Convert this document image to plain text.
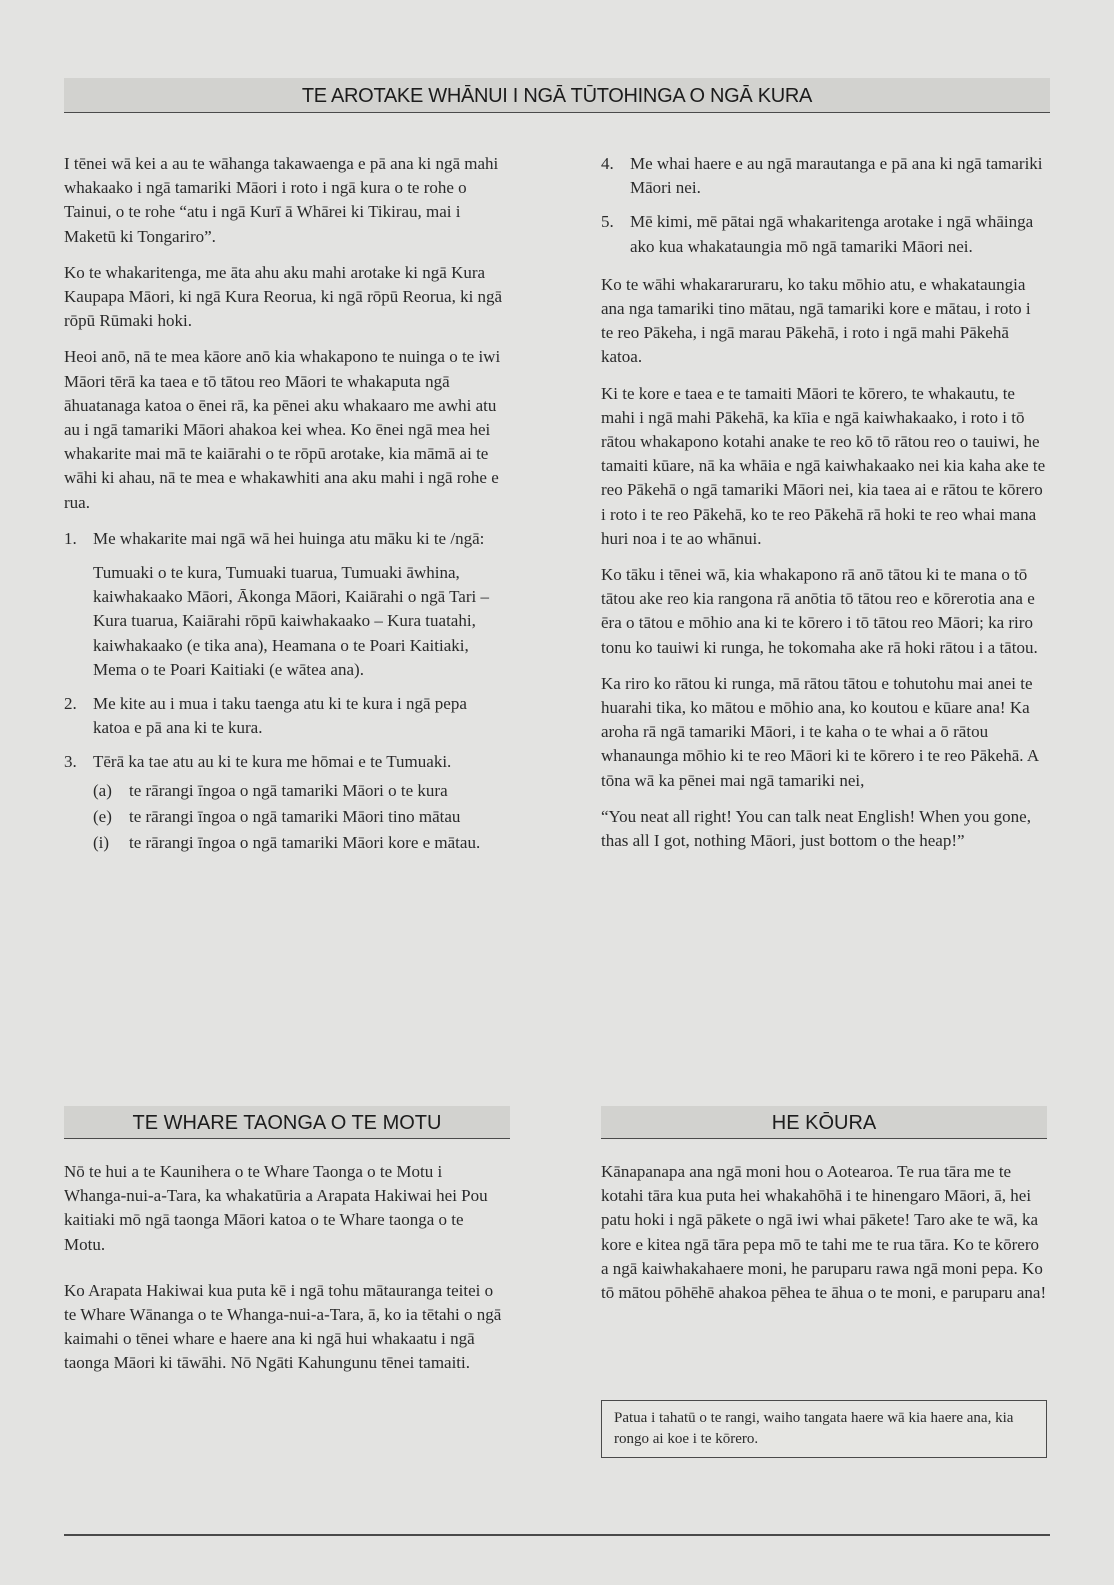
TE AROTAKE WHĀNUI I NGĀ TŪTOHINGA O NGĀ KURA

I tēnei wā kei a au te wāhanga takawaenga e pā ana ki ngā mahi whakaako i ngā tamariki Māori i roto i ngā kura o te rohe o Tainui, o te rohe “atu i ngā Kurī ā Whārei ki Tikirau, mai i Maketū ki Tongariro”.

Ko te whakaritenga, me āta ahu aku mahi arotake ki ngā Kura Kaupapa Māori, ki ngā Kura Reorua, ki ngā rōpū Reorua, ki ngā rōpū Rūmaki hoki.

Heoi anō, nā te mea kāore anō kia whakapono te nuinga o te iwi Māori tērā ka taea e tō tātou reo Māori te whakaputa ngā āhuatanaga katoa o ēnei rā, ka pēnei aku whakaaro me awhi atu au i ngā tamariki Māori ahakoa kei whea. Ko ēnei ngā mea hei whakarite mai mā te kaiārahi o te rōpū arotake, kia māmā ai te wāhi ki ahau, nā te mea e whakawhiti ana aku mahi i ngā rohe e rua.

1. Me whakarite mai ngā wā hei huinga atu māku ki te /ngā:
Tumuaki o te kura, Tumuaki tuarua, Tumuaki āwhina, kaiwhakaako Māori, Ākonga Māori, Kaiārahi o ngā Tari – Kura tuarua, Kaiārahi rōpū kaiwhakaako – Kura tuatahi, kaiwhakaako (e tika ana), Heamana o te Poari Kaitiaki, Mema o te Poari Kaitiaki (e wātea ana).
2. Me kite au i mua i taku taenga atu ki te kura i ngā pepa katoa e pā ana ki te kura.
3. Tērā ka tae atu au ki te kura me hōmai e te Tumuaki.
(a) te rārangi īngoa o ngā tamariki Māori o te kura
(e) te rārangi īngoa o ngā tamariki Māori tino mātau
(i) te rārangi īngoa o ngā tamariki Māori kore e mātau.
4. Me whai haere e au ngā marautanga e pā ana ki ngā tamariki Māori nei.
5. Mē kimi, mē pātai ngā whakaritenga arotake i ngā whāinga ako kua whakataungia mō ngā tamariki Māori nei.

Ko te wāhi whakararuraru, ko taku mōhio atu, e whakataungia ana nga tamariki tino mātau, ngā tamariki kore e mātau, i roto i te reo Pākeha, i ngā marau Pākehā, i roto i ngā mahi Pākehā katoa.

Ki te kore e taea e te tamaiti Māori te kōrero, te whakautu, te mahi i ngā mahi Pākehā, ka kīia e ngā kaiwhakaako, i roto i tō rātou whakapono kotahi anake te reo kō tō rātou reo o tauiwi, he tamaiti kūare, nā ka whāia e ngā kaiwhakaako nei kia kaha ake te reo Pākehā o ngā tamariki Māori nei, kia taea ai e rātou te kōrero i roto i te reo Pākehā, ko te reo Pākehā rā hoki te reo whai mana huri noa i te ao whānui.

Ko tāku i tēnei wā, kia whakapono rā anō tātou ki te mana o tō tātou ake reo kia rangona rā anōtia tō tātou reo e kōrerotia ana e ēra o tātou e mōhio ana ki te kōrero i tō tātou reo Māori; ka riro tonu ko tauiwi ki runga, he tokomaha ake rā hoki rātou i a tātou.

Ka riro ko rātou ki runga, mā rātou tātou e tohutohu mai anei te huarahi tika, ko mātou e mōhio ana, ko koutou e kūare ana! Ka aroha rā ngā tamariki Māori, i te kaha o te whai a ō rātou whanaunga mōhio ki te reo Māori ki te kōrero i te reo Pākehā. A tōna wā ka pēnei mai ngā tamariki nei,

“You neat all right! You can talk neat English! When you gone, thas all I got, nothing Māori, just bottom o the heap!”

TE WHARE TAONGA O TE MOTU

Nō te hui a te Kaunihera o te Whare Taonga o te Motu i Whanga-nui-a-Tara, ka whakatūria a Arapata Hakiwai hei Pou kaitiaki mō ngā taonga Māori katoa o te Whare taonga o te Motu.

Ko Arapata Hakiwai kua puta kē i ngā tohu mātauranga teitei o te Whare Wānanga o te Whanga-nui-a-Tara, ā, ko ia tētahi o ngā kaimahi o tēnei whare e haere ana ki ngā hui whakaatu i ngā taonga Māori ki tāwāhi. Nō Ngāti Kahungunu tēnei tamaiti.

HE KŌURA

Kānapanapa ana ngā moni hou o Aotearoa. Te rua tāra me te kotahi tāra kua puta hei whakahōhā i te hinengaro Māori, ā, hei patu hoki i ngā pākete o ngā iwi whai pākete! Taro ake te wā, ka kore e kitea ngā tāra pepa mō te tahi me te rua tāra. Ko te kōrero a ngā kaiwhakahaere moni, he paruparu rawa ngā moni pepa. Ko tō mātou pōhēhē ahakoa pēhea te āhua o te moni, e paruparu ana!

Patua i tahatū o te rangi, waiho tangata haere wā kia haere ana, kia rongo ai koe i te kōrero.
